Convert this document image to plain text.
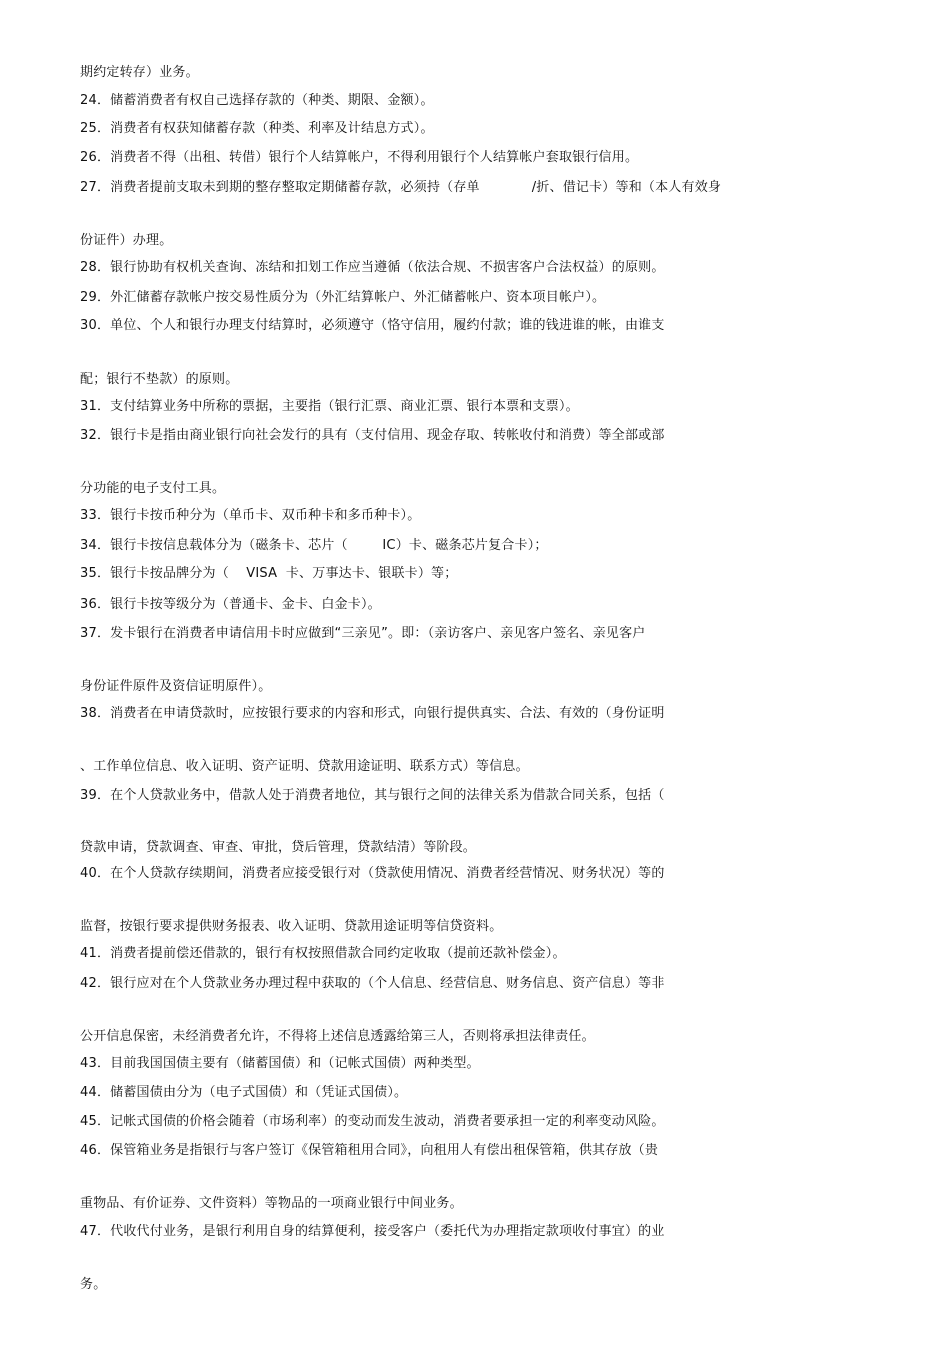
期约定转存）业务。
24．储蓄消费者有权自己选择存款的（种类、期限、金额）。
25．消费者有权获知储蓄存款（种类、利率及计结息方式）。
26．消费者不得（出租、转借）银行个人结算帐户，不得利用银行个人结算帐户套取银行信用。
27．消费者提前支取未到期的整存整取定期储蓄存款，必须持（存单            /折、借记卡）等和（本人有效身
份证件）办理。
28．银行协助有权机关查询、冻结和扣划工作应当遵循（依法合规、不损害客户合法权益）的原则。
29．外汇储蓄存款帐户按交易性质分为（外汇结算帐户、外汇储蓄帐户、资本项目帐户）。
30．单位、个人和银行办理支付结算时，必须遵守（恪守信用，履约付款；谁的钱进谁的帐，由谁支
配；银行不垫款）的原则。
31．支付结算业务中所称的票据，主要指（银行汇票、商业汇票、银行本票和支票）。
32．银行卡是指由商业银行向社会发行的具有（支付信用、现金存取、转帐收付和消费）等全部或部
分功能的电子支付工具。
33．银行卡按币种分为（单币卡、双币种卡和多币种卡）。
34．银行卡按信息载体分为（磁条卡、芯片（        IC）卡、磁条芯片复合卡）；
35．银行卡按品牌分为（    VISA  卡、万事达卡、银联卡）等；
36．银行卡按等级分为（普通卡、金卡、白金卡）。
37．发卡银行在消费者申请信用卡时应做到“三亲见”。即：（亲访客户、亲见客户签名、亲见客户
身份证件原件及资信证明原件）。
38．消费者在申请贷款时，应按银行要求的内容和形式，向银行提供真实、合法、有效的（身份证明
、工作单位信息、收入证明、资产证明、贷款用途证明、联系方式）等信息。
39．在个人贷款业务中，借款人处于消费者地位，其与银行之间的法律关系为借款合同关系，包括（
贷款申请，贷款调查、审查、审批，贷后管理，贷款结清）等阶段。
40．在个人贷款存续期间，消费者应接受银行对（贷款使用情况、消费者经营情况、财务状况）等的
监督，按银行要求提供财务报表、收入证明、贷款用途证明等信贷资料。
41．消费者提前偿还借款的，银行有权按照借款合同约定收取（提前还款补偿金）。
42．银行应对在个人贷款业务办理过程中获取的（个人信息、经营信息、财务信息、资产信息）等非
公开信息保密，未经消费者允许，不得将上述信息透露给第三人，否则将承担法律责任。
43．目前我国国债主要有（储蓄国债）和（记帐式国债）两种类型。
44．储蓄国债由分为（电子式国债）和（凭证式国债）。
45．记帐式国债的价格会随着（市场利率）的变动而发生波动，消费者要承担一定的利率变动风险。
46．保管箱业务是指银行与客户签订《保管箱租用合同》，向租用人有偿出租保管箱，供其存放（贵
重物品、有价证券、文件资料）等物品的一项商业银行中间业务。
47．代收代付业务，是银行利用自身的结算便利，接受客户（委托代为办理指定款项收付事宜）的业
务。
